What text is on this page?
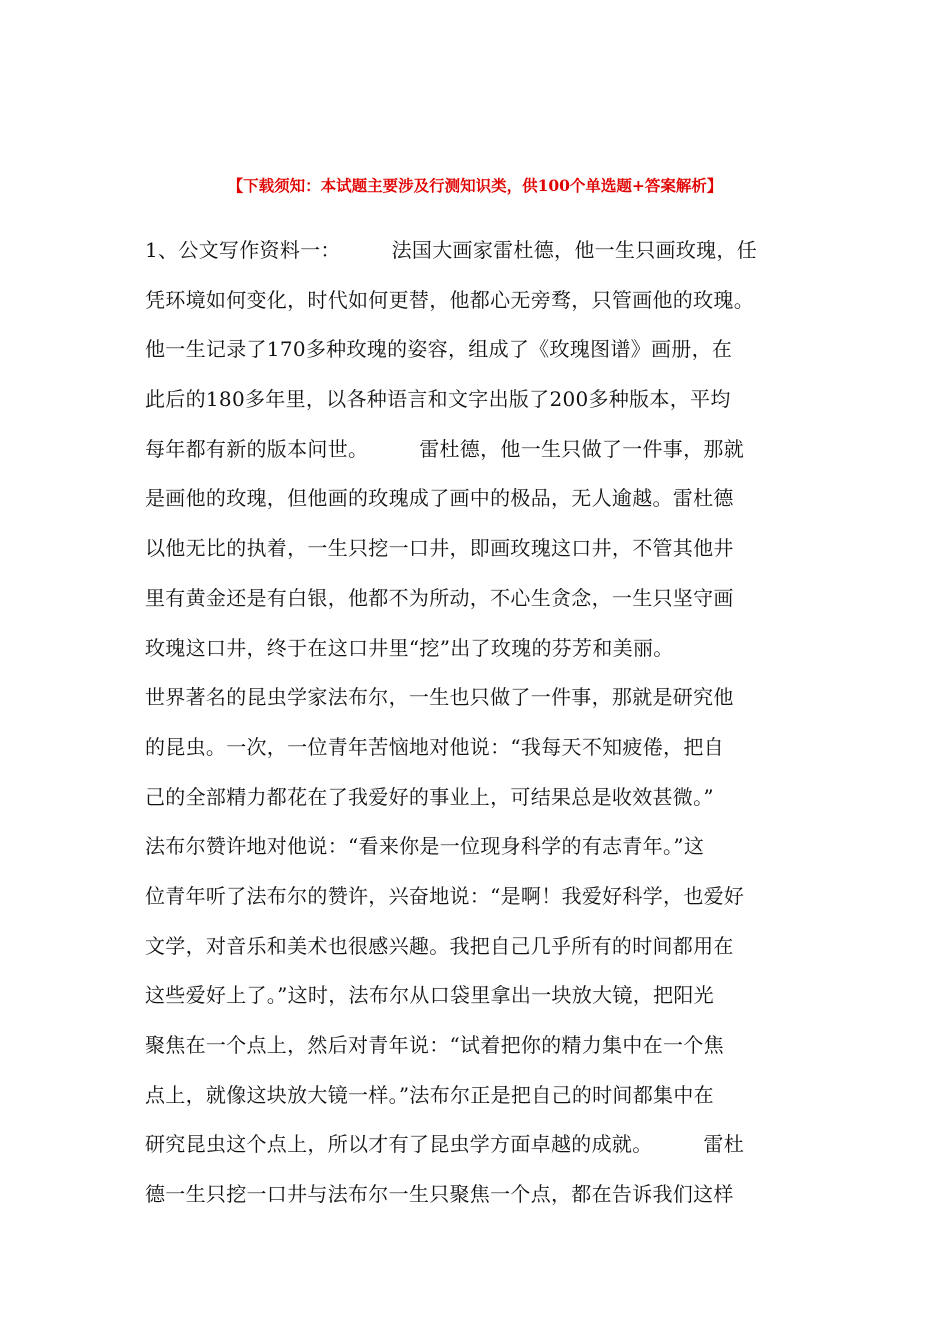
【下载须知：本试题主要涉及行测知识类，供100个单选题+答案解析】
1、公文写作资料一：　　　法国大画家雷杜德，他一生只画玫瑰，任
凭环境如何变化，时代如何更替，他都心无旁骛，只管画他的玫瑰。
他一生记录了170多种玫瑰的姿容，组成了《玫瑰图谱》画册，在
此后的180多年里，以各种语言和文字出版了200多种版本，平均
每年都有新的版本问世。　　　雷杜德，他一生只做了一件事，那就
是画他的玫瑰，但他画的玫瑰成了画中的极品，无人逾越。雷杜德
以他无比的执着，一生只挖一口井，即画玫瑰这口井，不管其他井
里有黄金还是有白银，他都不为所动，不心生贪念，一生只坚守画
玫瑰这口井，终于在这口井里“挖”出了玫瑰的芬芳和美丽。
世界著名的昆虫学家法布尔，一生也只做了一件事，那就是研究他
的昆虫。一次，一位青年苦恼地对他说：“我每天不知疲倦，把自
己的全部精力都花在了我爱好的事业上，可结果总是收效甚微。”
法布尔赞许地对他说：“看来你是一位现身科学的有志青年。”这
位青年听了法布尔的赞许，兴奋地说：“是啊！我爱好科学，也爱好
文学，对音乐和美术也很感兴趣。我把自己几乎所有的时间都用在
这些爱好上了。”这时，法布尔从口袋里拿出一块放大镜，把阳光
聚焦在一个点上，然后对青年说：“试着把你的精力集中在一个焦
点上，就像这块放大镜一样。”法布尔正是把自己的时间都集中在
研究昆虫这个点上，所以才有了昆虫学方面卓越的成就。　　　雷杜
德一生只挖一口井与法布尔一生只聚焦一个点，都在告诉我们这样
